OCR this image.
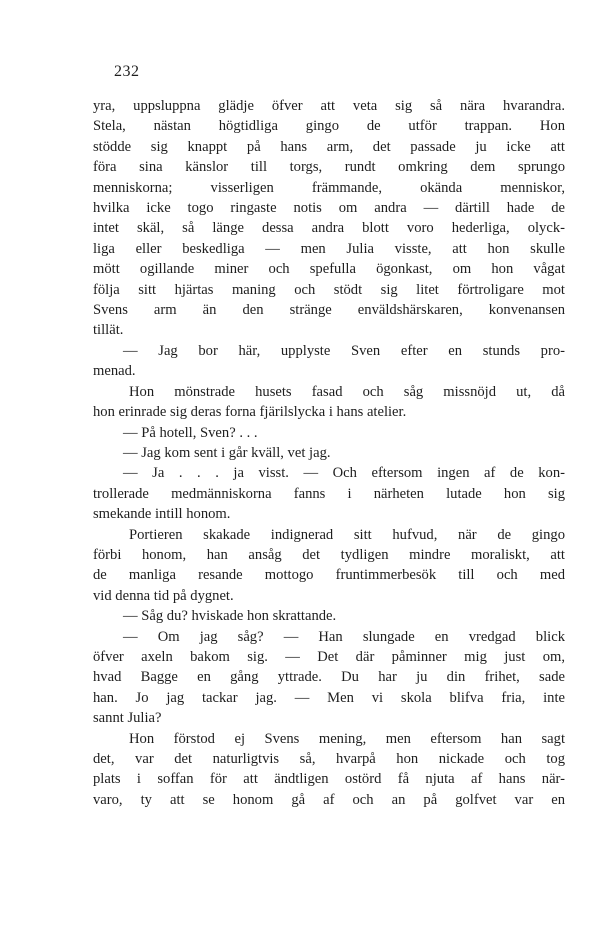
232
yra, uppsluppna glädje öfver att veta sig så nära hvarandra.
Stela, nästan högtidliga gingo de utför trappan. Hon
stödde sig knappt på hans arm, det passade ju icke att
föra sina känslor till torgs, rundt omkring dem sprungo
menniskorna; visserligen främmande, okända menniskor,
hvilka icke togo ringaste notis om andra — därtill hade de
intet skäl, så länge dessa andra blott voro hederliga, olyck-
liga eller beskedliga — men Julia visste, att hon skulle
mött ogillande miner och spefulla ögonkast, om hon vågat
följa sitt hjärtas maning och stödt sig litet förtroligare mot
Svens arm än den stränge enväldshärskaren, konvenansen
tillät.
— Jag bor här, upplyste Sven efter en stunds pro-
menad.
Hon mönstrade husets fasad och såg missnöjd ut, då
hon erinrade sig deras forna fjärilslycka i hans atelier.
— På hotell, Sven? . . .
— Jag kom sent i går kväll, vet jag.
— Ja . . . ja visst. — Och eftersom ingen af de kon-
trollerade medmänniskorna fanns i närheten lutade hon sig
smekande intill honom.
Portieren skakade indignerad sitt hufvud, när de gingo
förbi honom, han ansåg det tydligen mindre moraliskt, att
de manliga resande mottogo fruntimmerbesök till och med
vid denna tid på dygnet.
— Såg du? hviskade hon skrattande.
— Om jag såg? — Han slungade en vredgad blick
öfver axeln bakom sig. — Det där påminner mig just om,
hvad Bagge en gång yttrade. Du har ju din frihet, sade
han. Jo jag tackar jag. — Men vi skola blifva fria, inte
sannt Julia?
Hon förstod ej Svens mening, men eftersom han sagt
det, var det naturligtvis så, hvarpå hon nickade och tog
plats i soffan för att ändtligen ostörd få njuta af hans när-
varo, ty att se honom gå af och an på golfvet var en
